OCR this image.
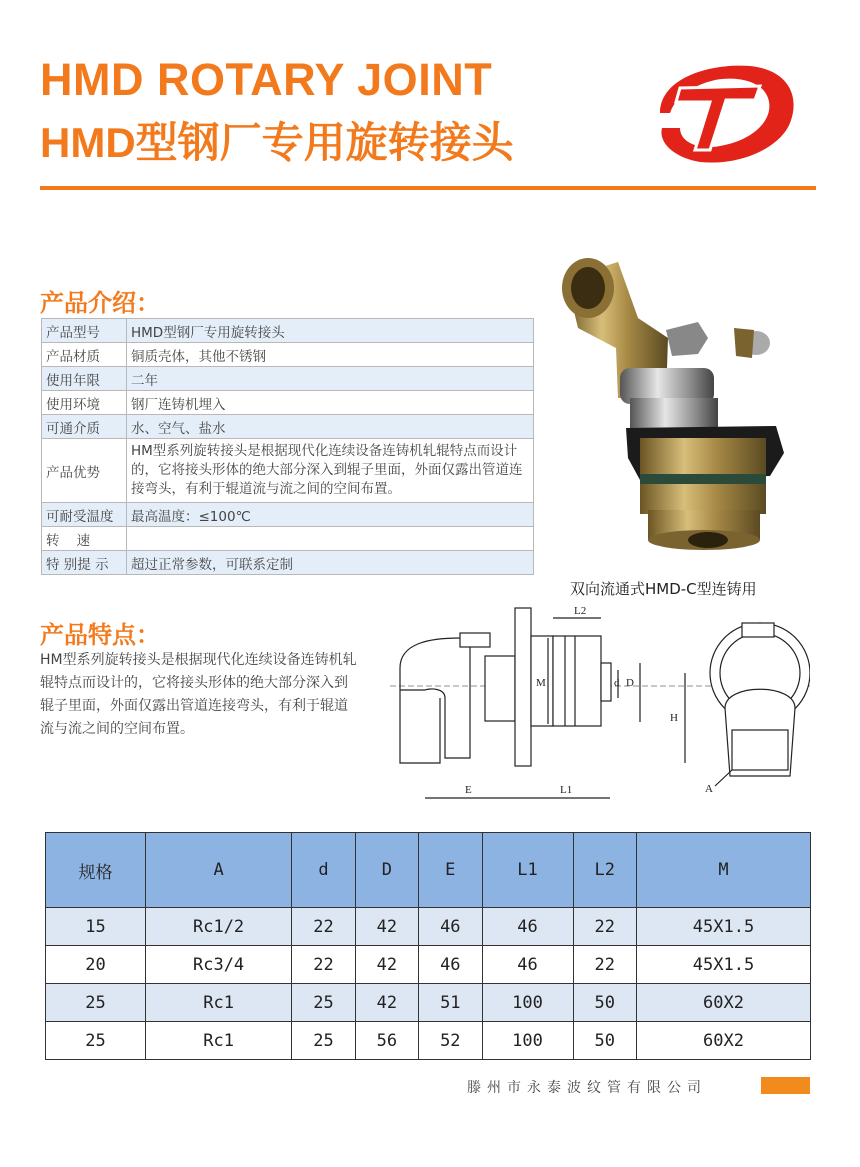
HMD ROTARY JOINT
HMD型钢厂专用旋转接头
产品介绍：
产品型号	HMD型钢厂专用旋转接头
产品材质	铜质壳体，其他不锈钢
使用年限	二年
使用环境	钢厂连铸机埋入
可通介质	水、空气、盐水
产品优势	HM型系列旋转接头是根据现代化连续设备连铸机轧辊特点而设计的，它将接头形体的绝大部分深入到辊子里面，外面仅露出管道连接弯头，有利于辊道流与流之间的空间布置。
可耐受温度	最高温度：≤100℃
转    速	
特 别提 示	超过正常参数，可联系定制
双向流通式HMD-C型连铸用
产品特点：
HM型系列旋转接头是根据现代化连续设备连铸机轧辊特点而设计的，它将接头形体的绝大部分深入到辊子里面，外面仅露出管道连接弯头，有利于辊道流与流之间的空间布置。
L2
M	d D
E	L1
H
A
规格	A	d	D	E	L1	L2	M
15	Rc1/2	22	42	46	46	22	45X1.5
20	Rc3/4	22	42	46	46	22	45X1.5
25	Rc1	25	42	51	100	50	60X2
25	Rc1	25	56	52	100	50	60X2
滕州市永泰波纹管有限公司
